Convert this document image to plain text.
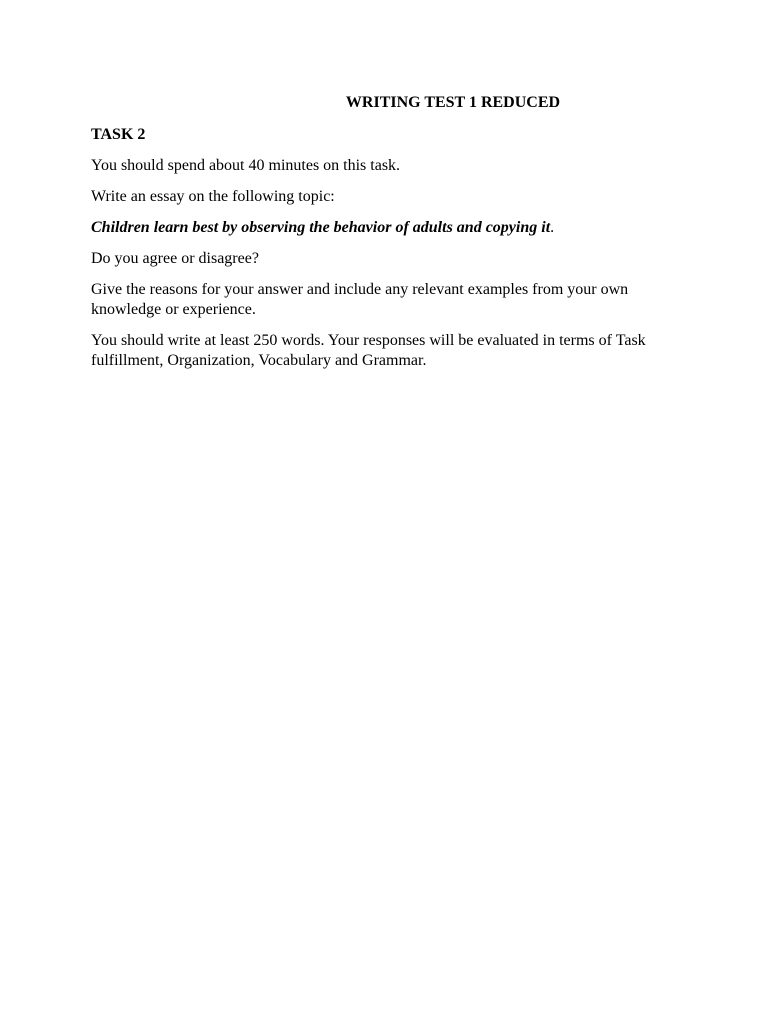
WRITING TEST 1 REDUCED
TASK 2

You should spend about 40 minutes on this task.

Write an essay on the following topic:

Children learn best by observing the behavior of adults and copying it.

Do you agree or disagree?

Give the reasons for your answer and include any relevant examples from your own knowledge or experience.

You should write at least 250 words. Your responses will be evaluated in terms of Task fulfillment, Organization, Vocabulary and Grammar.
